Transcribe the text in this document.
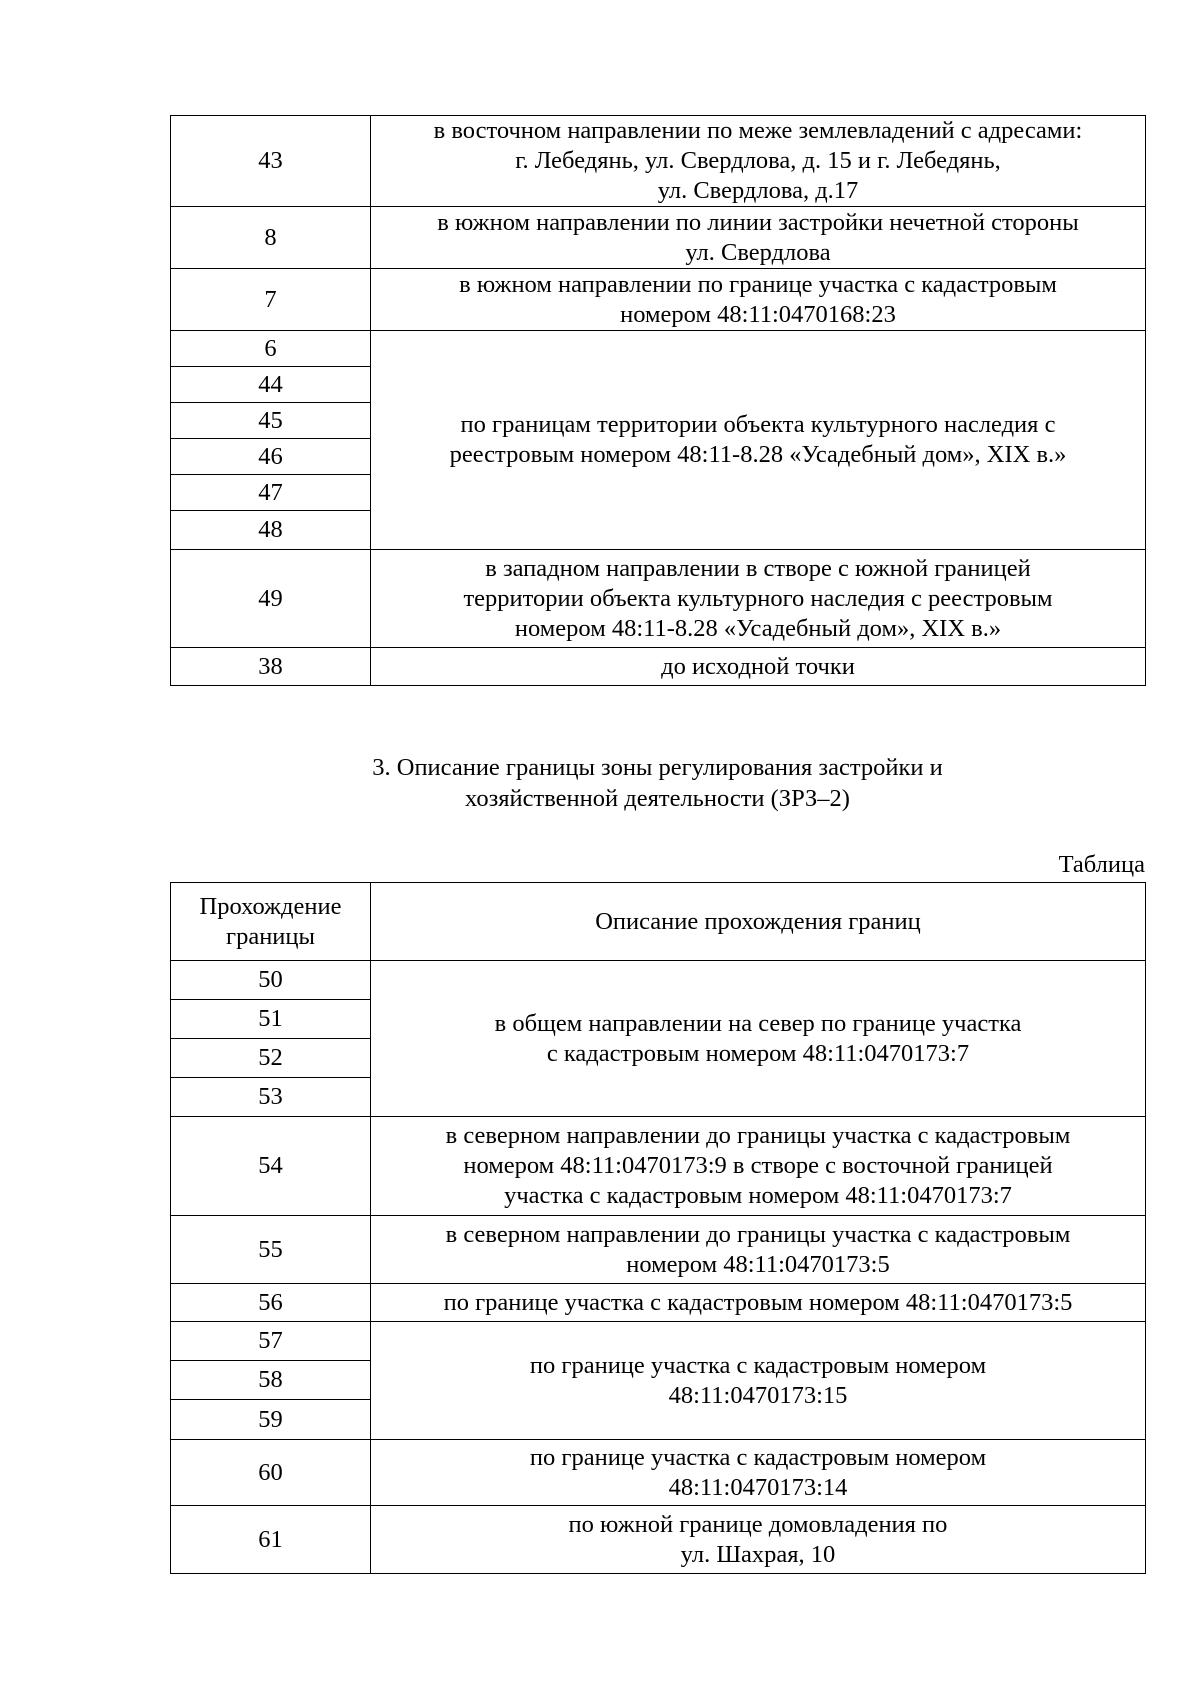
43	в восточном направлении по меже землевладений с адресами:
г. Лебедянь, ул. Свердлова, д. 15 и г. Лебедянь,
ул. Свердлова, д.17
8	в южном направлении по линии застройки нечетной стороны
ул. Свердлова
7	в южном направлении по границе участка с кадастровым
номером 48:11:0470168:23
6	по границам территории объекта культурного наследия с
реестровым номером 48:11-8.28 «Усадебный дом», XIX в.»
44	
45	
46	
47	
48	
49	в западном направлении в створе с южной границей
территории объекта культурного наследия с реестровым
номером 48:11-8.28 «Усадебный дом», XIX в.»
38	до исходной точки
3. Описание границы зоны регулирования застройки и
хозяйственной деятельности (ЗРЗ–2)
Таблица
Прохождение
границы	Описание прохождения границ
50	в общем направлении на север по границе участка
с кадастровым номером 48:11:0470173:7
51	
52	
53	
54	в северном направлении до границы участка с кадастровым
номером 48:11:0470173:9 в створе с восточной границей
участка с кадастровым номером 48:11:0470173:7
55	в северном направлении до границы участка с кадастровым
номером 48:11:0470173:5
56	по границе участка с кадастровым номером 48:11:0470173:5
57	по границе участка с кадастровым номером
48:11:0470173:15
58	
59	
60	по границе участка с кадастровым номером
48:11:0470173:14
61	по южной границе домовладения по
ул. Шахрая, 10
